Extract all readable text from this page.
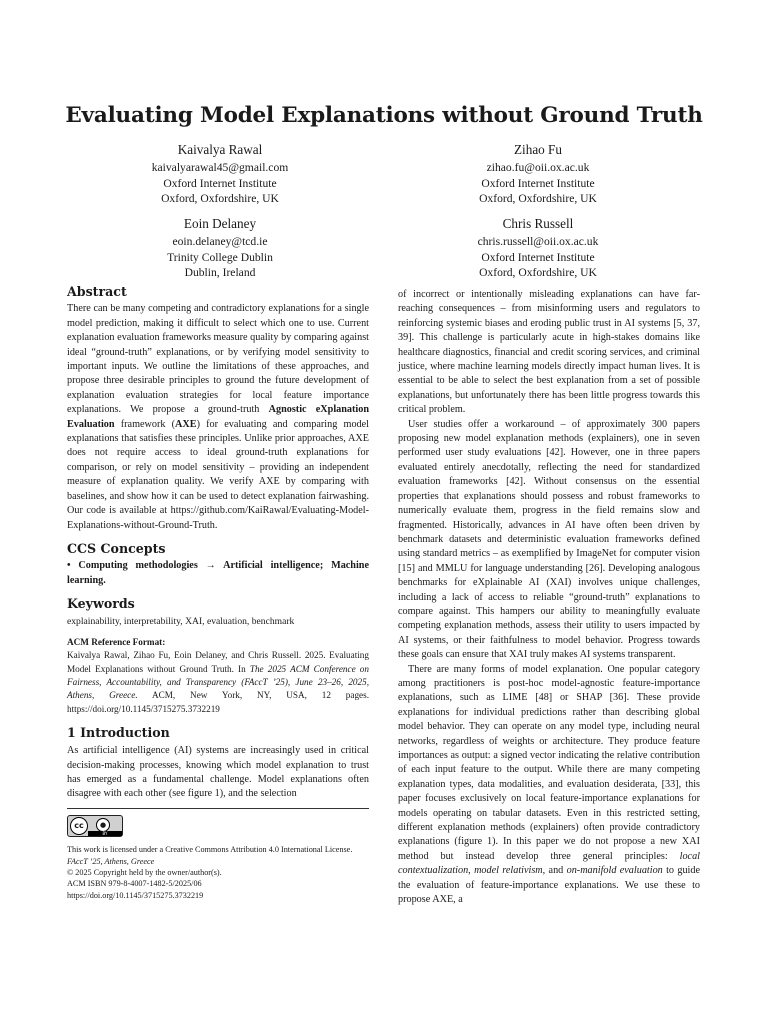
Evaluating Model Explanations without Ground Truth
Kaivalya Rawal
kaivalyarawal45@gmail.com
Oxford Internet Institute
Oxford, Oxfordshire, UK
Zihao Fu
zihao.fu@oii.ox.ac.uk
Oxford Internet Institute
Oxford, Oxfordshire, UK
Eoin Delaney
eoin.delaney@tcd.ie
Trinity College Dublin
Dublin, Ireland
Chris Russell
chris.russell@oii.ox.ac.uk
Oxford Internet Institute
Oxford, Oxfordshire, UK
Abstract

There can be many competing and contradictory explanations for a single model prediction, making it difficult to select which one to use. Current explanation evaluation frameworks measure quality by comparing against ideal “ground-truth” explanations, or by verifying model sensitivity to important inputs. We outline the limitations of these approaches, and propose three desirable principles to ground the future development of explanation evaluation strategies for local feature importance explanations. We propose a ground-truth Agnostic eXplanation Evaluation framework (AXE) for evaluating and comparing model explanations that satisfies these principles. Unlike prior approaches, AXE does not require access to ideal ground-truth explanations for comparison, or rely on model sensitivity – providing an independent measure of explanation quality. We verify AXE by comparing with baselines, and show how it can be used to detect explanation fairwashing. Our code is available at https://github.com/KaiRawal/Evaluating-Model-Explanations-without-Ground-Truth.

CCS Concepts

• Computing methodologies → Artificial intelligence; Machine learning.

Keywords

explainability, interpretability, XAI, evaluation, benchmark

ACM Reference Format:

Kaivalya Rawal, Zihao Fu, Eoin Delaney, and Chris Russell. 2025. Evaluating Model Explanations without Ground Truth. In The 2025 ACM Conference on Fairness, Accountability, and Transparency (FAccT ’25), June 23–26, 2025, Athens, Greece. ACM, New York, NY, USA, 12 pages. https://doi.org/10.1145/3715275.3732219

1 Introduction

As artificial intelligence (AI) systems are increasingly used in critical decision-making processes, knowing which model explanation to trust has emerged as a fundamental challenge. Model explanations often disagree with each other (see figure 1), and the selection

cc	●
BY
This work is licensed under a Creative Commons Attribution 4.0 International License.
FAccT ’25, Athens, Greece
© 2025 Copyright held by the owner/author(s).
ACM ISBN 979-8-4007-1482-5/2025/06
https://doi.org/10.1145/3715275.3732219

of incorrect or intentionally misleading explanations can have far-reaching consequences – from misinforming users and regulators to reinforcing systemic biases and eroding public trust in AI systems [5, 37, 39]. This challenge is particularly acute in high-stakes domains like healthcare diagnostics, financial and credit scoring services, and criminal justice, where machine learning models directly impact human lives. It is essential to be able to select the best explanation from a set of possible explanations, but unfortunately there has been little progress towards this critical problem.

User studies offer a workaround – of approximately 300 papers proposing new model explanation methods (explainers), one in seven performed user study evaluations [42]. However, one in three papers evaluated entirely anecdotally, reflecting the need for standardized evaluation frameworks [42]. Without consensus on the essential properties that explanations should possess and robust frameworks to numerically evaluate them, progress in the field remains slow and fragmented. Historically, advances in AI have often been driven by benchmark datasets and deterministic evaluation frameworks defined using standard metrics – as exemplified by ImageNet for computer vision [15] and MMLU for language understanding [26]. Developing analogous benchmarks for eXplainable AI (XAI) involves unique challenges, including a lack of access to reliable “ground-truth” explanations to compare against. This hampers our ability to meaningfully evaluate competing explanation methods, assess their utility to users impacted by AI systems, or their faithfulness to model behavior. Progress towards these goals can ensure that XAI truly makes AI systems transparent.

There are many forms of model explanation. One popular category among practitioners is post-hoc model-agnostic feature-importance explanations, such as LIME [48] or SHAP [36]. These provide explanations for individual predictions rather than describing global model behavior. They can operate on any model type, including neural networks, regardless of weights or architecture. They produce feature importances as output: a signed vector indicating the relative contribution of each input feature to the output. While there are many competing explanation types, data modalities, and evaluation desiderata, [33], this paper focuses exclusively on local feature-importance explanations for models operating on tabular datasets. Even in this restricted setting, different explanation methods (explainers) often provide contradictory explanations (figure 1). In this paper we do not propose a new XAI method but instead develop three general principles: local contextualization, model relativism, and on-manifold evaluation to guide the evaluation of feature-importance explanations. We use these to propose AXE, a
